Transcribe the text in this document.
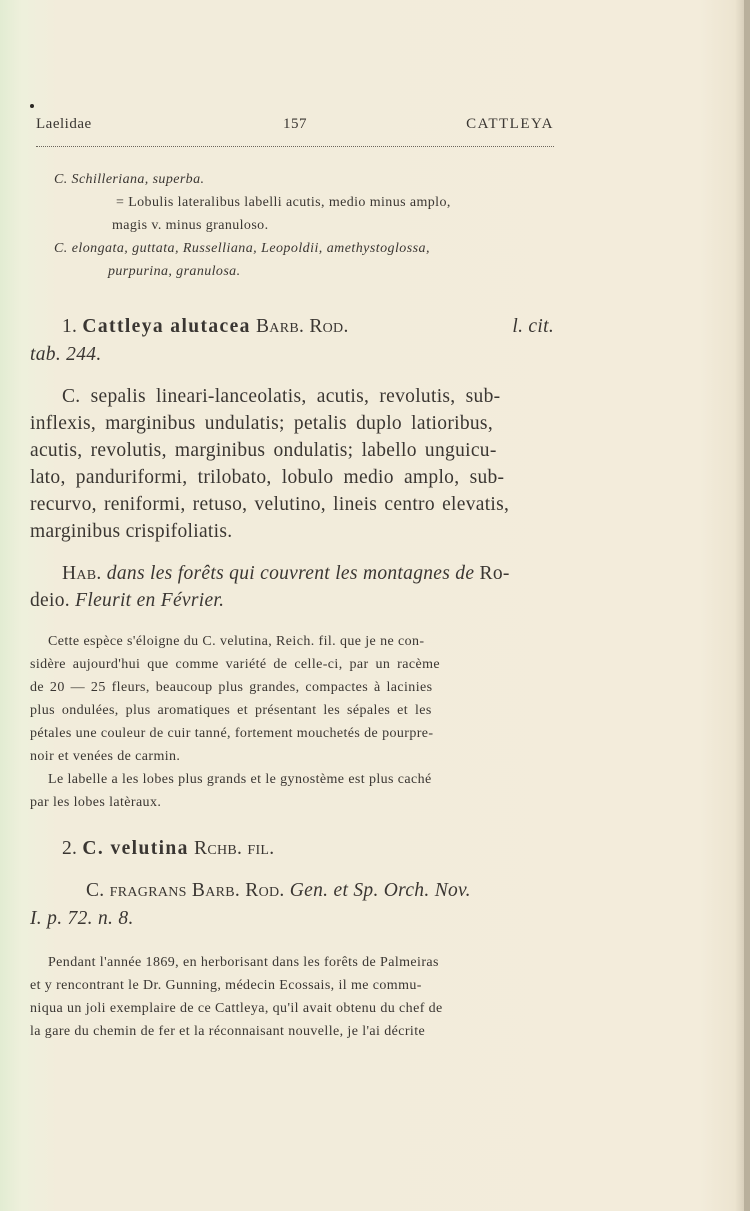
Laelidae	157	CATTLEYA
C. Schilleriana, superba.
= Lobulis lateralibus labelli acutis, medio minus amplo,
magis v. minus granuloso.
C. elongata, guttata, Russelliana, Leopoldii, amethystoglossa,
purpurina, granulosa.
1. Cattleya alutacea Barb. Rod.	l. cit.
tab. 244.
C. sepalis lineari-lanceolatis, acutis, revolutis, sub-
inflexis, marginibus undulatis; petalis duplo latioribus,
acutis, revolutis, marginibus ondulatis; labello unguicu-
lato, panduriformi, trilobato, lobulo medio amplo, sub-
recurvo, reniformi, retuso, velutino, lineis centro elevatis,
marginibus crispifoliatis.
Hab. dans les forêts qui couvrent les montagnes de Ro-
deio. Fleurit en Février.
Cette espèce s'éloigne du C. velutina, Reich. fil. que je ne con-
sidère aujourd'hui que comme variété de celle-ci, par un racème
de 20 — 25 fleurs, beaucoup plus grandes, compactes à lacinies
plus ondulées, plus aromatiques et présentant les sépales et les
pétales une couleur de cuir tanné, fortement mouchetés de pourpre-
noir et venées de carmin.
Le labelle a les lobes plus grands et le gynostème est plus caché
par les lobes latèraux.
2. C. velutina Rchb. fil.
C. fragrans Barb. Rod. Gen. et Sp. Orch. Nov.
I. p. 72. n. 8.
Pendant l'année 1869, en herborisant dans les forêts de Palmeiras
et y rencontrant le Dr. Gunning, médecin Ecossais, il me commu-
niqua un joli exemplaire de ce Cattleya, qu'il avait obtenu du chef de
la gare du chemin de fer et la réconnaisant nouvelle, je l'ai décrite
